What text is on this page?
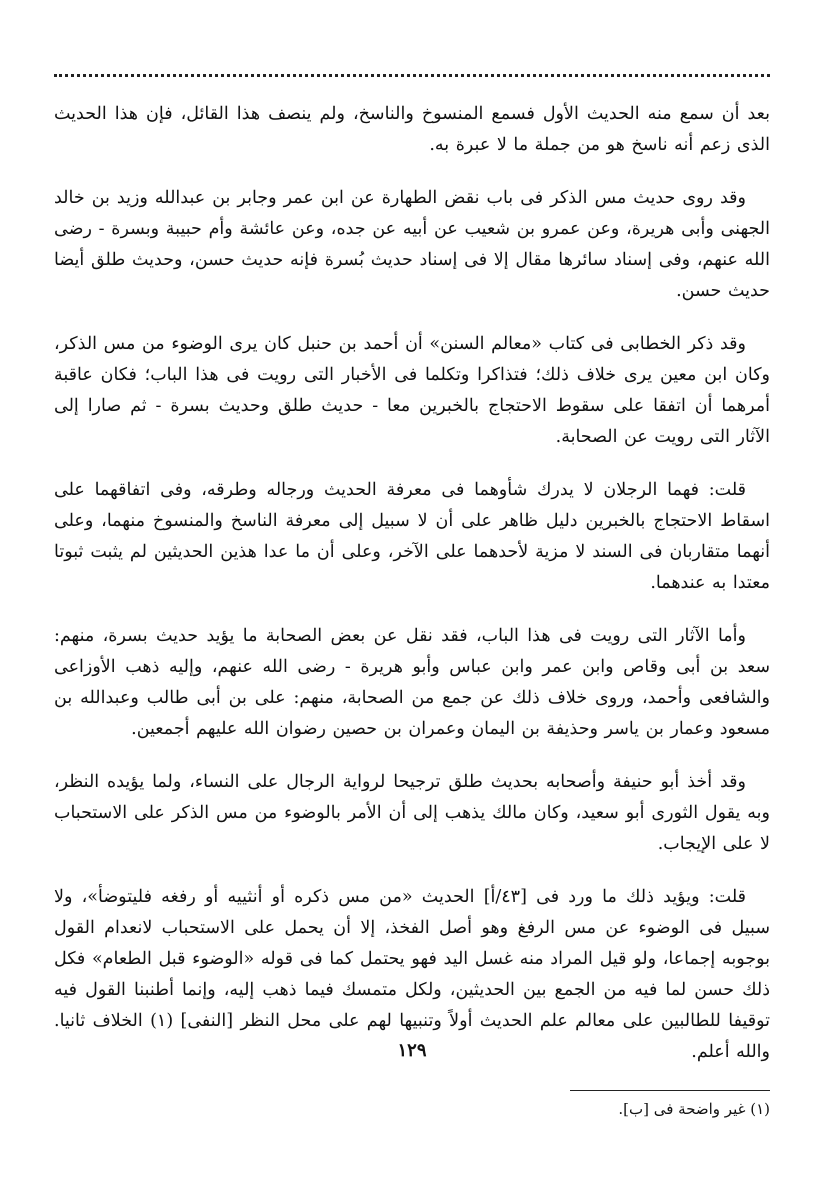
بعد أن سمع منه الحديث الأول فسمع المنسوخ والناسخ، ولم ينصف هذا القائل، فإن هذا الحديث الذى زعم أنه ناسخ هو من جملة ما لا عبرة به.

وقد روى حديث مس الذكر فى باب نقض الطهارة عن ابن عمر وجابر بن عبدالله وزيد بن خالد الجهنى وأبى هريرة، وعن عمرو بن شعيب عن أبيه عن جده، وعن عائشة وأم حبيبة وبسرة - رضى الله عنهم، وفى إسناد سائرها مقال إلا فى إسناد حديث بُسرة فإنه حديث حسن، وحديث طلق أيضا حديث حسن.

وقد ذكر الخطابى فى كتاب «معالم السنن» أن أحمد بن حنبل كان يرى الوضوء من مس الذكر، وكان ابن معين يرى خلاف ذلك؛ فتذاكرا وتكلما فى الأخبار التى رويت فى هذا الباب؛ فكان عاقبة أمرهما أن اتفقا على سقوط الاحتجاج بالخبرين معا - حديث طلق وحديث بسرة - ثم صارا إلى الآثار التى رويت عن الصحابة.

قلت: فهما الرجلان لا يدرك شأوهما فى معرفة الحديث ورجاله وطرقه، وفى اتفاقهما على اسقاط الاحتجاج بالخبرين دليل ظاهر على أن لا سبيل إلى معرفة الناسخ والمنسوخ منهما، وعلى أنهما متقاربان فى السند لا مزية لأحدهما على الآخر، وعلى أن ما عدا هذين الحديثين لم يثبت ثبوتا معتدا به عندهما.

وأما الآثار التى رويت فى هذا الباب، فقد نقل عن بعض الصحابة ما يؤيد حديث بسرة، منهم: سعد بن أبى وقاص وابن عمر وابن عباس وأبو هريرة - رضى الله عنهم، وإليه ذهب الأوزاعى والشافعى وأحمد، وروى خلاف ذلك عن جمع من الصحابة، منهم: على بن أبى طالب وعبدالله بن مسعود وعمار بن ياسر وحذيفة بن اليمان وعمران بن حصين رضوان الله عليهم أجمعين.

وقد أخذ أبو حنيفة وأصحابه بحديث طلق ترجيحا لرواية الرجال على النساء، ولما يؤيده النظر، وبه يقول الثورى أبو سعيد، وكان مالك يذهب إلى أن الأمر بالوضوء من مس الذكر على الاستحباب لا على الإيجاب.

قلت: ويؤيد ذلك ما ورد فى [٤٣/أ] الحديث «من مس ذكره أو أنثييه أو رفغه فليتوضأ»، ولا سبيل فى الوضوء عن مس الرفغ وهو أصل الفخذ، إلا أن يحمل على الاستحباب لانعدام القول بوجوبه إجماعا، ولو قيل المراد منه غسل اليد فهو يحتمل كما فى قوله «الوضوء قبل الطعام» فكل ذلك حسن لما فيه من الجمع بين الحديثين، ولكل متمسك فيما ذهب إليه، وإنما أطنبنا القول فيه توقيفا للطالبين على معالم علم الحديث أولاً وتنبيها لهم على محل النظر [النفى] (١) الخلاف ثانيا. والله أعلم.

(١) غير واضحة فى [ب].

١٢٩
